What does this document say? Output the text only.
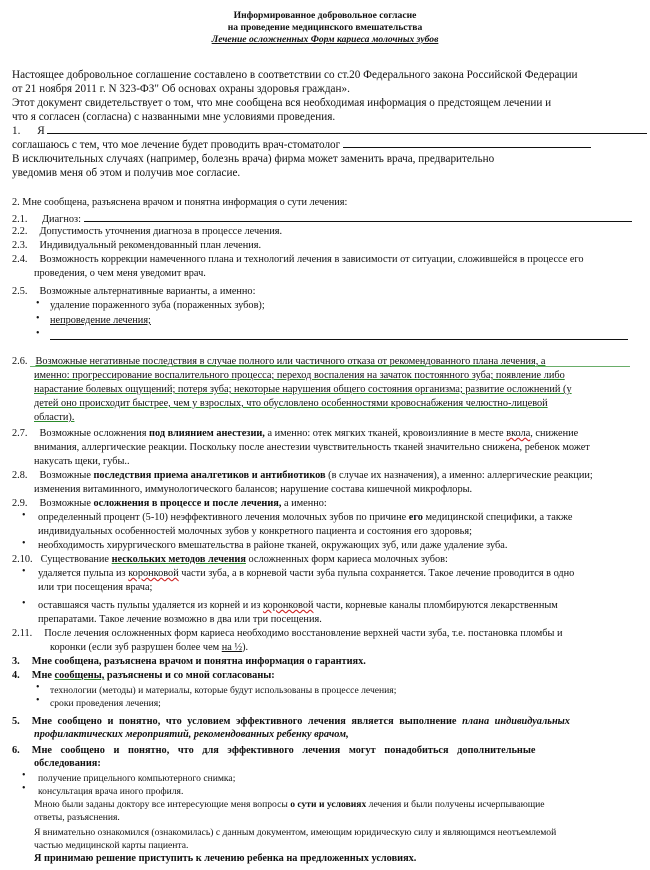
Информированное добровольное согласие
на проведение медицинского вмешательства
Лечение осложненных Форм кариеса молочных зубов
Настоящее добровольное соглашение составлено в соответствии со ст.20 Федерального закона Российской Федерации
от 21 ноября 2011 г. N 323-ФЗ" Об основах охраны здоровья граждан».
Этот документ свидетельствует о том, что мне сообщена вся необходимая информация о предстоящем лечении и
что я согласен (согласна) с названными мне условиями проведения.
1. Я
соглашаюсь с тем, что мое лечение будет проводить врач-стоматолог
В исключительных случаях (например, болезнь врача) фирма может заменить врача, предварительно
уведомив меня об этом и получив мое согласие.
2. Мне сообщена, разъяснена врачом и понятна информация о сути лечения:
2.1. Диагноз:
2.2. Допустимость уточнения диагноза в процессе лечения.
2.3. Индивидуальный рекомендованный план лечения.
2.4. Возможность коррекции намеченного плана и технологий лечения в зависимости от ситуации, сложившейся в процессе его
проведения, о чем меня уведомит врач.
2.5. Возможные альтернативные варианты, а именно:
• удаление пораженного зуба (пораженных зубов);
• непроведение лечения;
•
2.6. Возможные негативные последствия в случае полного или частичного отказа от рекомендованного плана лечения, а
именно: прогрессирование воспалительного процесса; переход воспаления на зачаток постоянного зуба; появление либо
нарастание болевых ощущений; потеря зуба; некоторые нарушения общего состояния организма; развитие осложнений (у
детей оно происходит быстрее, чем у взрослых, что обусловлено особенностями кровоснабжения челюстно-лицевой
области).
2.7. Возможные осложнения под влиянием анестезии, а именно: отек мягких тканей, кровоизлияние в месте вкола, снижение
внимания, аллергические реакции. Поскольку после анестезии чувствительность тканей значительно снижена, ребенок может
накусать щеки, губы..
2.8. Возможные последствия приема аналгетиков и антибиотиков (в случае их назначения), а именно: аллергические реакции;
изменения витаминного, иммунологического балансов; нарушение состава кишечной микрофлоры.
2.9. Возможные осложнения в процессе и после лечения, а именно:
• определенный процент (5-10) неэффективного лечения молочных зубов по причине его медицинской специфики, а также
индивидуальных особенностей молочных зубов у конкретного пациента и состояния его здоровья;
• необходимость хирургического вмешательства в районе тканей, окружающих зуб, или даже удаление зуба.
2.10. Существование нескольких методов лечения осложненных форм кариеса молочных зубов:
• удаляется пульпа из коронковой части зуба, а в корневой части зуба пульпа сохраняется. Такое лечение проводится в одно
или три посещения врача;
• оставшаяся часть пульпы удаляется из корней и из коронковой части, корневые каналы пломбируются лекарственным
препаратами. Такое лечение возможно в два или три посещения.
2.11. После лечения осложненных форм кариеса необходимо восстановление верхней части зуба, т.е. постановка пломбы и
коронки (если зуб разрушен более чем на ½).
3. Мне сообщена, разъяснена врачом и понятна информация о гарантиях.
4. Мне сообщены, разъяснены и со мной согласованы:
• технологии (методы) и материалы, которые будут использованы в процессе лечения;
• сроки проведения лечения;
5. Мне сообщено и понятно, что условием эффективного лечения является выполнение плана индивидуальных
профилактических мероприятий, рекомендованных ребенку врачом,
6. Мне сообщено и понятно, что для эффективного лечения могут понадобиться дополнительные
обследования:
• получение прицельного компьютерного снимка;
• консультация врача иного профиля.
Мною были заданы доктору все интересующие меня вопросы о сути и условиях лечения и были получены исчерпывающие
ответы, разъяснения.
Я внимательно ознакомился (ознакомилась) с данным документом, имеющим юридическую силу и являющимся неотъемлемой
частью медицинской карты пациента.
Я принимаю решение приступить к лечению ребенка на предложенных условиях.
